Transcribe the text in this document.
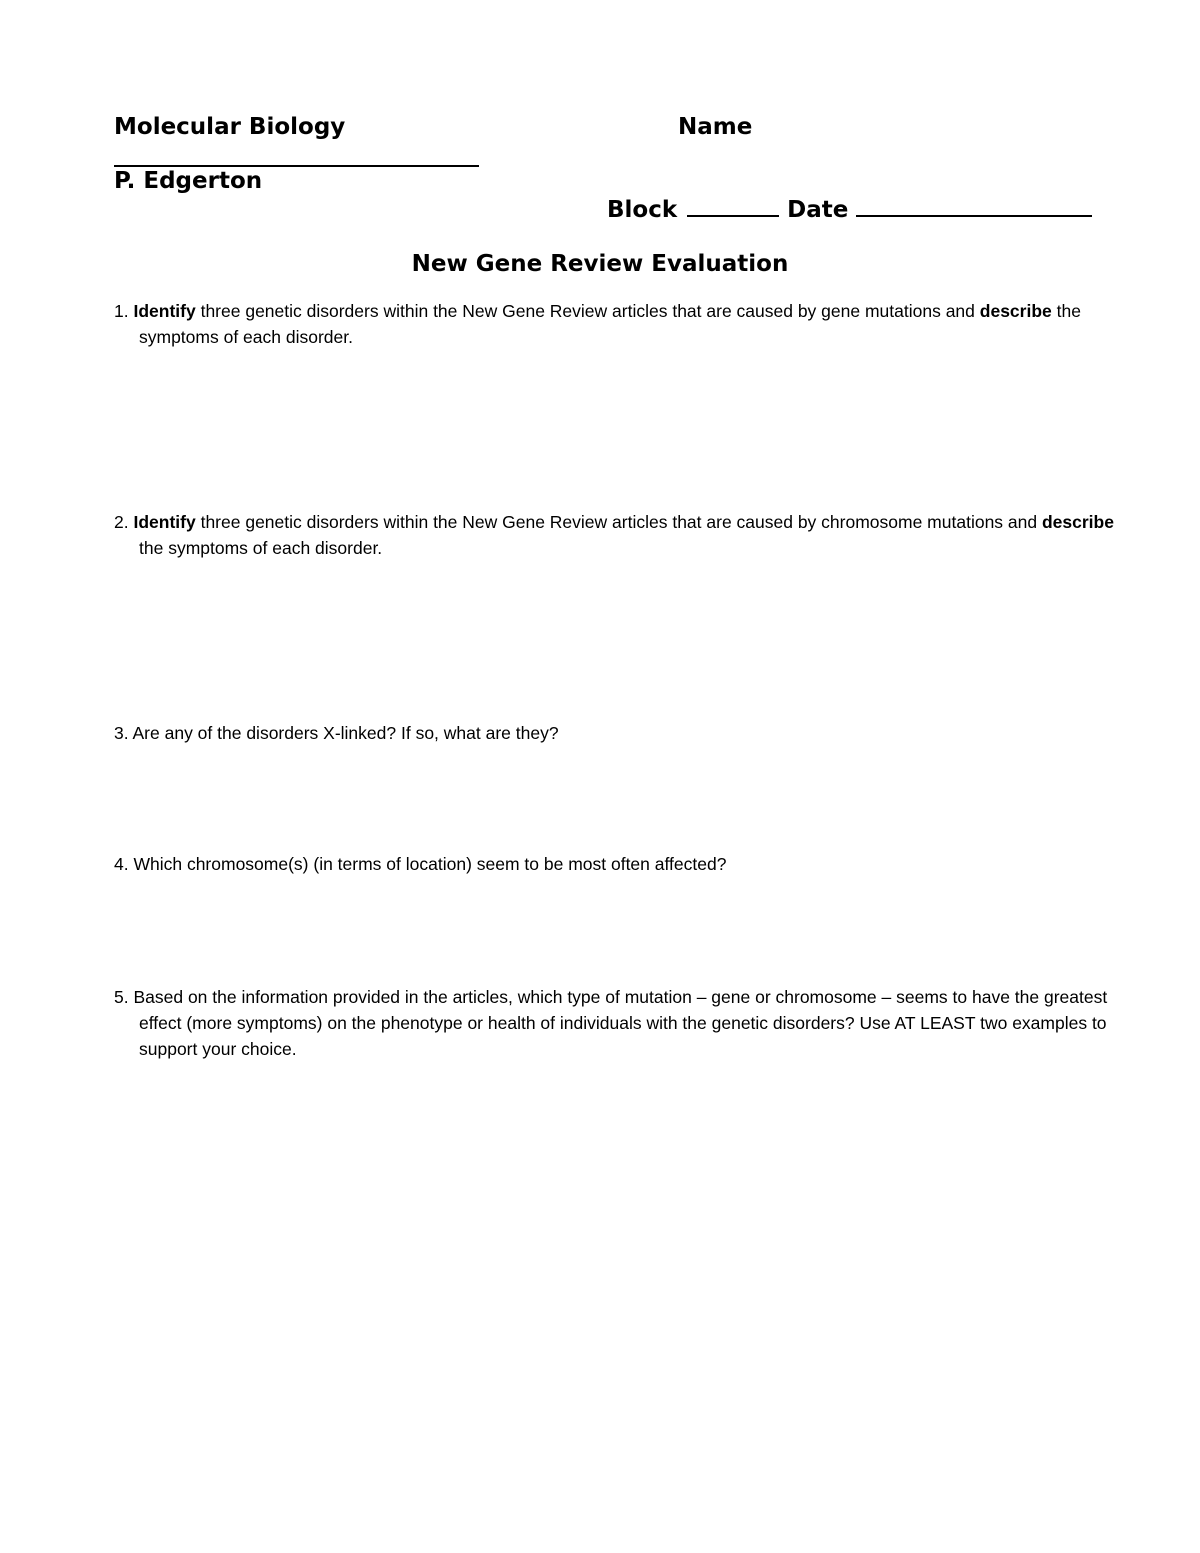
Molecular Biology	Name
P. Edgerton
Block	Date
New Gene Review Evaluation
1. Identify three genetic disorders within the New Gene Review articles that are caused by gene mutations and describe the symptoms of each disorder.
2. Identify three genetic disorders within the New Gene Review articles that are caused by chromosome mutations and describe the symptoms of each disorder.
3. Are any of the disorders X-linked? If so, what are they?
4. Which chromosome(s) (in terms of location) seem to be most often affected?
5. Based on the information provided in the articles, which type of mutation – gene or chromosome – seems to have the greatest effect (more symptoms) on the phenotype or health of individuals with the genetic disorders? Use AT LEAST two examples to support your choice.
